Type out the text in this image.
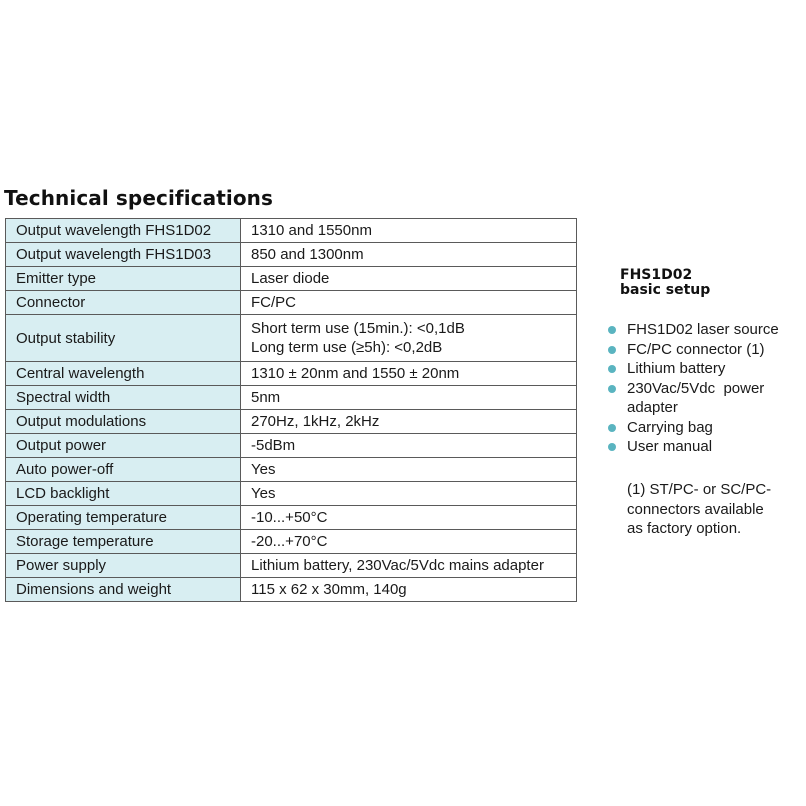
Technical specifications
Output wavelength FHS1D02	1310 and 1550nm

Output wavelength FHS1D03	850 and 1300nm

Emitter type	Laser diode

Connector	FC/PC

Output stability	Short term use (15min.): <0,1dB
Long term use (≥5h): <0,2dB

Central wavelength	1310 ± 20nm and 1550 ± 20nm

Spectral width	5nm

Output modulations	270Hz, 1kHz, 2kHz

Output power	-5dBm

Auto power-off	Yes

LCD backlight	Yes

Operating temperature	-10...+50°C

Storage temperature	-20...+70°C

Power supply	Lithium battery, 230Vac/5Vdc mains adapter

Dimensions and weight	115 x 62 x 30mm, 140g
FHS1D02
basic setup
FHS1D02 laser source
FC/PC connector (1)
Lithium battery
230Vac/5Vdc  power
adapter
Carrying bag
User manual

(1) ST/PC- or SC/PC-
connectors available
as factory option.
